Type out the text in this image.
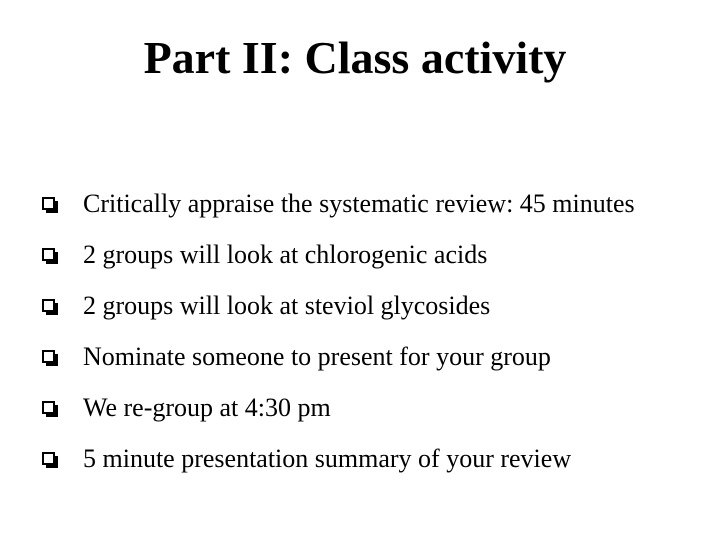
Part II: Class activity
Critically appraise the systematic review: 45 minutes
2 groups will look at chlorogenic acids
2 groups will look at steviol glycosides
Nominate someone to present for your group
We re-group at 4:30 pm
5 minute presentation summary of your review
